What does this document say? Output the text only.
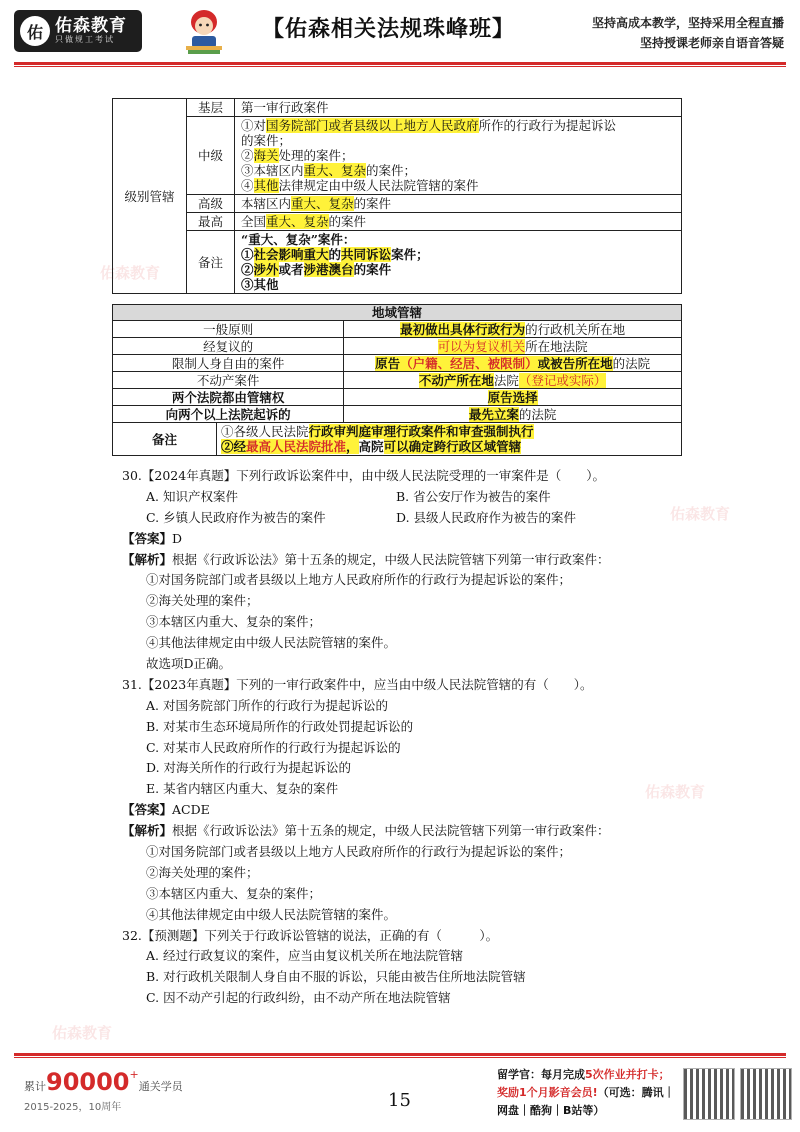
佑 佑森教育
只做规工考试	【佑森相关法规珠峰班】	坚持高成本教学，坚持采用全程直播
坚持授课老师亲自语音答疑
佑森教育
佑森教育
佑森教育
佑森教育
级别管辖	基层	第一审行政案件
	中级	①对国务院部门或者县级以上地方人民政府所作的行政行为提起诉讼
的案件；
②海关处理的案件；
③本辖区内重大、复杂的案件；
④其他法律规定由中级人民法院管辖的案件

	高级	本辖区内重大、复杂的案件
	最高	全国重大、复杂的案件
	备注	“重大、复杂”案件：
①社会影响重大的共同诉讼案件；
②涉外或者涉港澳台的案件
③其他
地域管辖		
一般原则		最初做出具体行政行为的行政机关所在地
经复议的		可以为复议机关所在地法院
限制人身自由的案件		原告（户籍、经居、被限制）或被告所在地的法院
不动产案件		不动产所在地法院（登记或实际）
两个法院都由管辖权		原告选择
向两个以上法院起诉的		最先立案的法院
备注	①各级人民法院行政审判庭审理行政案件和审查强制执行
②经最高人民法院批准，高院可以确定跨行政区域管辖	
30.【2024年真题】下列行政诉讼案件中，由中级人民法院受理的一审案件是（　　）。
A. 知识产权案件	B. 省公安厅作为被告的案件
C. 乡镇人民政府作为被告的案件	D. 县级人民政府作为被告的案件
【答案】D
【解析】根据《行政诉讼法》第十五条的规定，中级人民法院管辖下列第一审行政案件：
①对国务院部门或者县级以上地方人民政府所作的行政行为提起诉讼的案件；
②海关处理的案件；
③本辖区内重大、复杂的案件；
④其他法律规定由中级人民法院管辖的案件。
故选项D正确。
31.【2023年真题】下列的一审行政案件中，应当由中级人民法院管辖的有（　　）。
A. 对国务院部门所作的行政行为提起诉讼的
B. 对某市生态环境局所作的行政处罚提起诉讼的
C. 对某市人民政府所作的行政行为提起诉讼的
D. 对海关所作的行政行为提起诉讼的
E. 某省内辖区内重大、复杂的案件
【答案】ACDE
【解析】根据《行政诉讼法》第十五条的规定，中级人民法院管辖下列第一审行政案件：
①对国务院部门或者县级以上地方人民政府所作的行政行为提起诉讼的案件；
②海关处理的案件；
③本辖区内重大、复杂的案件；
④其他法律规定由中级人民法院管辖的案件。
32.【预测题】下列关于行政诉讼管辖的说法，正确的有（　　　）。
A. 经过行政复议的案件，应当由复议机关所在地法院管辖
B. 对行政机关限制人身自由不服的诉讼，只能由被告住所地法院管辖
C. 因不动产引起的行政纠纷，由不动产所在地法院管辖
累计90000+通关学员
2015-2025，10周年	15
留学官：每月完成5次作业并打卡；
奖励1个月影音会员!（可选：腾讯｜网盘｜酷狗｜B站等）
